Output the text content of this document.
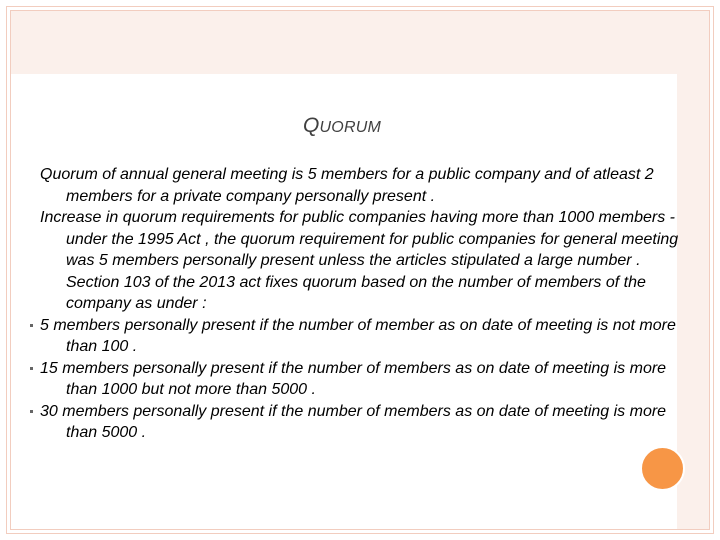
QUORUM

Quorum of annual general meeting is 5 members for a public company and of atleast 2 members for a private company personally present .

Increase in quorum requirements for public companies having more than 1000 members - under the 1995 Act , the quorum requirement for public companies for general meeting was 5 members personally present unless the articles stipulated a large number . Section 103 of the 2013 act fixes quorum based on the number of members of the company as under :

5 members personally present if the number of member as on date of meeting is not more than 100 .

15 members personally present if the number of members as on date of meeting is more than 1000 but not more than 5000 .

30 members personally present if the number of members as on date of meeting is more than 5000 .
